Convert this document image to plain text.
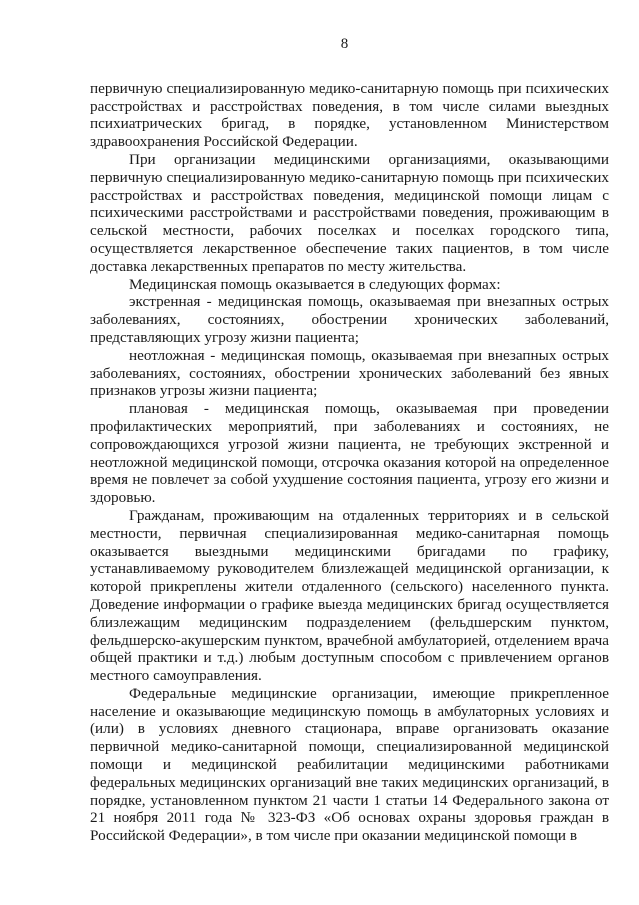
8

первичную специализированную медико-санитарную помощь при психических расстройствах и расстройствах поведения, в том числе силами выездных психиатрических бригад, в порядке, установленном Министерством здравоохранения Российской Федерации.

При организации медицинскими организациями, оказывающими первичную специализированную медико-санитарную помощь при психических расстройствах и расстройствах поведения, медицинской помощи лицам с психическими расстройствами и расстройствами поведения, проживающим в сельской местности, рабочих поселках и поселках городского типа, осуществляется лекарственное обеспечение таких пациентов, в том числе доставка лекарственных препаратов по месту жительства.

Медицинская помощь оказывается в следующих формах:

экстренная - медицинская помощь, оказываемая при внезапных острых заболеваниях, состояниях, обострении хронических заболеваний, представляющих угрозу жизни пациента;

неотложная - медицинская помощь, оказываемая при внезапных острых заболеваниях, состояниях, обострении хронических заболеваний без явных признаков угрозы жизни пациента;

плановая - медицинская помощь, оказываемая при проведении профилактических мероприятий, при заболеваниях и состояниях, не сопровождающихся угрозой жизни пациента, не требующих экстренной и неотложной медицинской помощи, отсрочка оказания которой на определенное время не повлечет за собой ухудшение состояния пациента, угрозу его жизни и здоровью.

Гражданам, проживающим на отдаленных территориях и в сельской местности, первичная специализированная медико-санитарная помощь оказывается выездными медицинскими бригадами по графику, устанавливаемому руководителем близлежащей медицинской организации, к которой прикреплены жители отдаленного (сельского) населенного пункта. Доведение информации о графике выезда медицинских бригад осуществляется близлежащим медицинским подразделением (фельдшерским пунктом, фельдшерско-акушерским пунктом, врачебной амбулаторией, отделением врача общей практики и т.д.) любым доступным способом с привлечением органов местного самоуправления.

Федеральные медицинские организации, имеющие прикрепленное население и оказывающие медицинскую помощь в амбулаторных условиях и (или) в условиях дневного стационара, вправе организовать оказание первичной медико-санитарной помощи, специализированной медицинской помощи и медицинской реабилитации медицинскими работниками федеральных медицинских организаций вне таких медицинских организаций, в порядке, установленном пунктом 21 части 1 статьи 14 Федерального закона от 21 ноября 2011 года № 323-ФЗ «Об основах охраны здоровья граждан в Российской Федерации», в том числе при оказании медицинской помощи в
